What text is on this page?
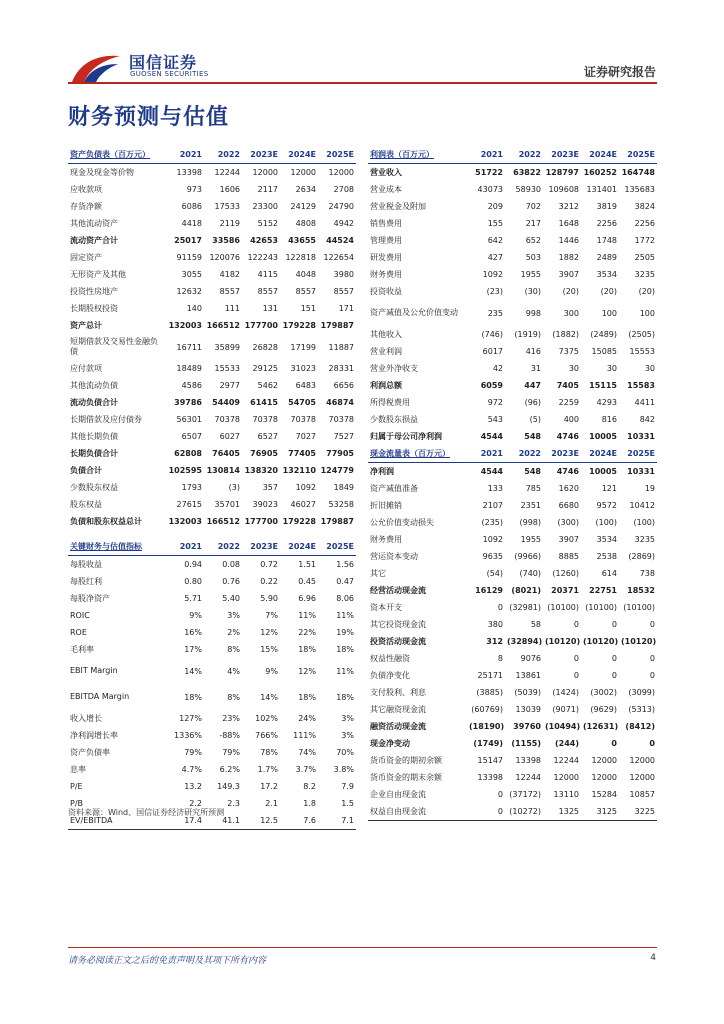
国信证券
GUOSEN SECURITIES	证券研究报告
财务预测与估值
资产负债表（百万元）	2021	2022	2023E	2024E	2025E
现金及现金等价物	13398	12244	12000	12000	12000
应收款项	973	1606	2117	2634	2708
存货净额	6086	17533	23300	24129	24790
其他流动资产	4418	2119	5152	4808	4942
流动资产合计	25017	33586	42653	43655	44524
固定资产	91159	120076	122243	122818	122654
无形资产及其他	3055	4182	4115	4048	3980
投资性房地产	12632	8557	8557	8557	8557
长期股权投资	140	111	131	151	171
资产总计	132003	166512	177700	179228	179887
短期借款及交易性金融负债	16711	35899	26828	17199	11887
应付款项	18489	15533	29125	31023	28331
其他流动负债	4586	2977	5462	6483	6656
流动负债合计	39786	54409	61415	54705	46874
长期借款及应付债券	56301	70378	70378	70378	70378
其他长期负债	6507	6027	6527	7027	7527
长期负债合计	62808	76405	76905	77405	77905
负债合计	102595	130814	138320	132110	124779
少数股东权益	1793	(3)	357	1092	1849
股东权益	27615	35701	39023	46027	53258
负债和股东权益总计	132003	166512	177700	179228	179887
关键财务与估值指标	2021	2022	2023E	2024E	2025E
每股收益	0.94	0.08	0.72	1.51	1.56
每股红利	0.80	0.76	0.22	0.45	0.47
每股净资产	5.71	5.40	5.90	6.96	8.06
ROIC	9%	3%	7%	11%	11%
ROE	16%	2%	12%	22%	19%
毛利率	17%	8%	15%	18%	18%
EBIT Margin	14%	4%	9%	12%	11%
EBITDA Margin	18%	8%	14%	18%	18%
收入增长	127%	23%	102%	24%	3%
净利润增长率	1336%	-88%	766%	111%	3%
资产负债率	79%	79%	78%	74%	70%
息率	4.7%	6.2%	1.7%	3.7%	3.8%
P/E	13.2	149.3	17.2	8.2	7.9
P/B	2.2	2.3	2.1	1.8	1.5
EV/EBITDA	17.4	41.1	12.5	7.6	7.1
利润表（百万元）	2021	2022	2023E	2024E	2025E
营业收入	51722	63822	128797	160252	164748
营业成本	43073	58930	109608	131401	135683
营业税金及附加	209	702	3212	3819	3824
销售费用	155	217	1648	2256	2256
管理费用	642	652	1446	1748	1772
研发费用	427	503	1882	2489	2505
财务费用	1092	1955	3907	3534	3235
投资收益	(23)	(30)	(20)	(20)	(20)
资产减值及公允价值变动	235	998	300	100	100
其他收入	(746)	(1919)	(1882)	(2489)	(2505)
营业利润	6017	416	7375	15085	15553
营业外净收支	42	31	30	30	30
利润总额	6059	447	7405	15115	15583
所得税费用	972	(96)	2259	4293	4411
少数股东损益	543	(5)	400	816	842
归属于母公司净利润	4544	548	4746	10005	10331
现金流量表（百万元）	2021	2022	2023E	2024E	2025E
净利润	4544	548	4746	10005	10331
资产减值准备	133	785	1620	121	19
折旧摊销	2107	2351	6680	9572	10412
公允价值变动损失	(235)	(998)	(300)	(100)	(100)
财务费用	1092	1955	3907	3534	3235
营运资本变动	9635	(9966)	8885	2538	(2869)
其它	(54)	(740)	(1260)	614	738
经营活动现金流	16129	(8021)	20371	22751	18532
资本开支	0	(32981)	(10100)	(10100)	(10100)
其它投资现金流	380	58	0	0	0
投资活动现金流	312	(32894)	(10120)	(10120)	(10120)
权益性融资	8	9076	0	0	0
负债净变化	25171	13861	0	0	0
支付股利、利息	(3885)	(5039)	(1424)	(3002)	(3099)
其它融资现金流	(60769)	13039	(9071)	(9629)	(5313)
融资活动现金流	(18190)	39760	(10494)	(12631)	(8412)
现金净变动	(1749)	(1155)	(244)	0	0
货币资金的期初余额	15147	13398	12244	12000	12000
货币资金的期末余额	13398	12244	12000	12000	12000
企业自由现金流	0	(37172)	13110	15284	10857
权益自由现金流	0	(10272)	1325	3125	3225
资料来源：Wind、国信证券经济研究所预测
请务必阅读正文之后的免责声明及其项下所有内容	4
